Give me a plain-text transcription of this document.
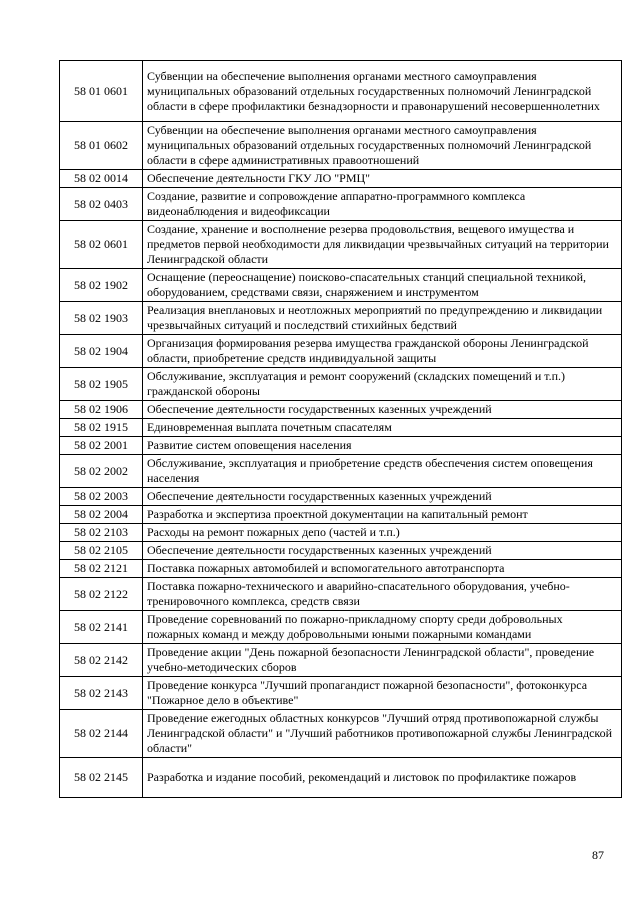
58 01 0601	Субвенции на обеспечение выполнения органами местного самоуправления муниципальных образований отдельных государственных полномочий Ленинградской области в сфере профилактики безнадзорности и правонарушений несовершеннолетних
58 01 0602	Субвенции на обеспечение выполнения органами местного самоуправления муниципальных образований отдельных государственных полномочий Ленинградской области в сфере административных правоотношений
58 02 0014	Обеспечение деятельности ГКУ ЛО "РМЦ"
58 02 0403	Создание, развитие и сопровождение аппаратно-программного комплекса видеонаблюдения и видеофиксации
58 02 0601	Создание, хранение и восполнение резерва продовольствия, вещевого имущества и предметов первой необходимости для ликвидации чрезвычайных ситуаций на территории Ленинградской области
58 02 1902	Оснащение (переоснащение) поисково-спасательных станций специальной техникой, оборудованием, средствами связи, снаряжением и инструментом
58 02 1903	Реализация внеплановых и неотложных мероприятий по предупреждению и ликвидации чрезвычайных ситуаций и последствий стихийных бедствий
58 02 1904	Организация формирования резерва имущества гражданской обороны Ленинградской области, приобретение средств индивидуальной защиты
58 02 1905	Обслуживание, эксплуатация и ремонт сооружений (складских помещений и т.п.) гражданской обороны
58 02 1906	Обеспечение деятельности государственных казенных учреждений
58 02 1915	Единовременная выплата почетным спасателям
58 02 2001	Развитие систем оповещения населения
58 02 2002	Обслуживание, эксплуатация и приобретение средств обеспечения систем оповещения населения
58 02 2003	Обеспечение деятельности государственных казенных учреждений
58 02 2004	Разработка и экспертиза проектной документации на капитальный ремонт
58 02 2103	Расходы на ремонт пожарных депо (частей и т.п.)
58 02 2105	Обеспечение деятельности государственных казенных учреждений
58 02 2121	Поставка пожарных автомобилей и вспомогательного автотранспорта
58 02 2122	Поставка пожарно-технического и аварийно-спасательного оборудования, учебно-тренировочного комплекса, средств связи
58 02 2141	Проведение соревнований по пожарно-прикладному спорту среди добровольных пожарных команд и между добровольными юными пожарными командами
58 02 2142	Проведение акции "День пожарной безопасности Ленинградской области", проведение учебно-методических сборов
58 02 2143	Проведение конкурса "Лучший пропагандист пожарной безопасности", фотоконкурса "Пожарное дело в объективе"
58 02 2144	Проведение ежегодных областных конкурсов "Лучший отряд противопожарной службы Ленинградской области" и "Лучший работников противопожарной службы Ленинградской области"
58 02 2145	Разработка и издание пособий, рекомендаций и листовок по профилактике пожаров
87
